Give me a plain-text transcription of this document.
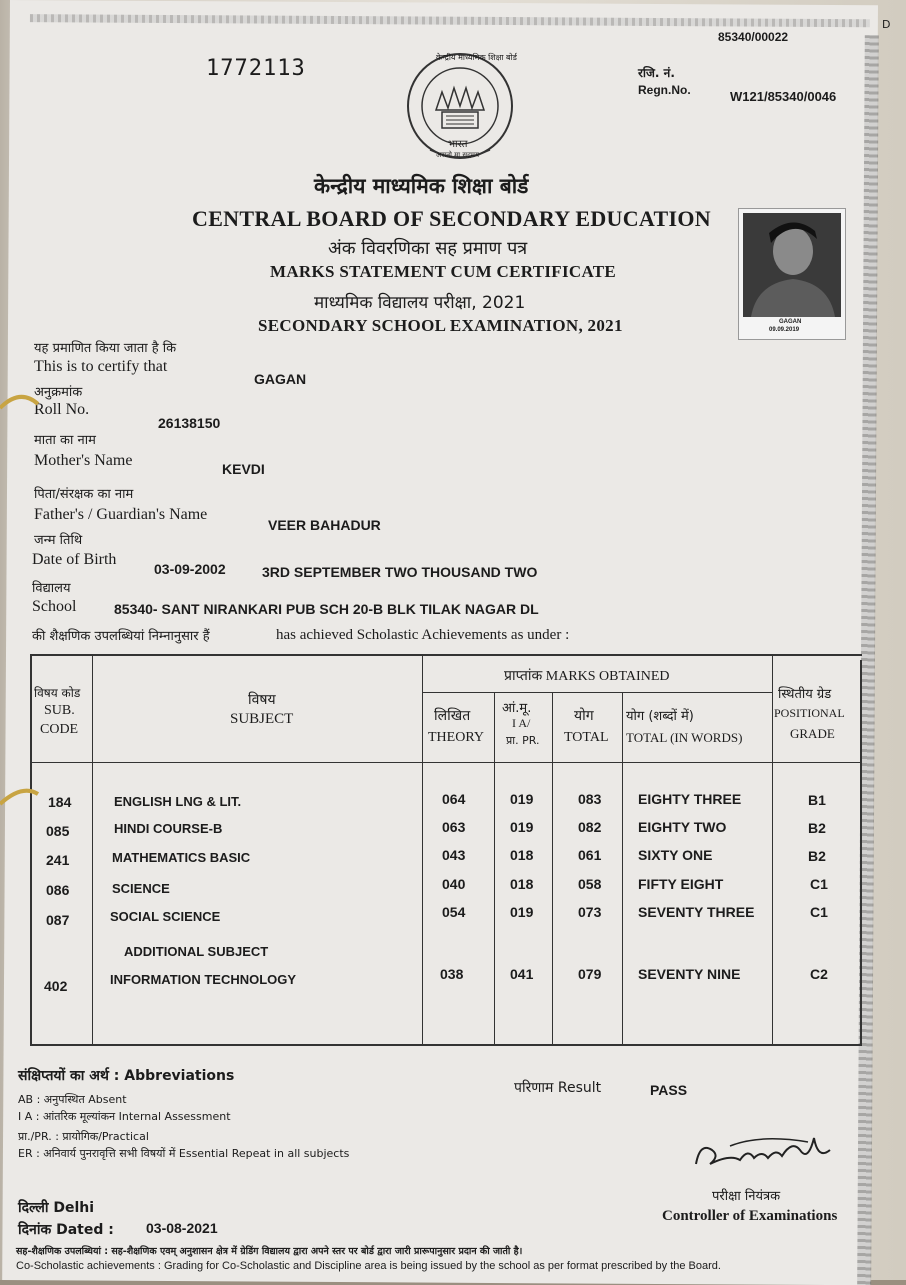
1772113
85340/00022
D
रजि. नं.
Regn.No.	W121/85340/0046
केन्द्रीय माध्यमिक शिक्षा बोर्ड
भारत
असतो मा सद्गमय
केन्द्रीय माध्यमिक शिक्षा बोर्ड
CENTRAL BOARD OF SECONDARY EDUCATION
अंक विवरणिका सह प्रमाण पत्र
MARKS STATEMENT CUM CERTIFICATE
माध्यमिक विद्यालय परीक्षा, 2021
SECONDARY SCHOOL EXAMINATION, 2021	GAGAN
09.09.2019
यह प्रमाणित किया जाता है कि
This is to certify that
GAGAN
अनुक्रमांक
Roll No.
26138150
माता का नाम
Mother's Name	KEVDI
पिता/संरक्षक का नाम
Father's / Guardian's Name
VEER BAHADUR
जन्म तिथि
Date of Birth
03-09-2002	3RD SEPTEMBER TWO THOUSAND TWO
विद्यालय
School	85340- SANT NIRANKARI PUB SCH 20-B BLK TILAK NAGAR DL
की शैक्षणिक उपलब्धियां निम्नानुसार हैं	has achieved Scholastic Achievements as under :
विषय कोड
SUB.
CODE
विषय
SUBJECT
प्राप्तांक MARKS OBTAINED
लिखित
THEORY
आं.मू.
I A/
प्रा. PR.
योग
TOTAL
योग (शब्दों में)
TOTAL (IN WORDS)
स्थितीय ग्रेड
POSITIONAL
GRADE
184	ENGLISH LNG & LIT.	064	019	083	EIGHTY THREE	B1
085	HINDI COURSE-B	063	019	082	EIGHTY TWO	B2
241	MATHEMATICS BASIC	043	018	061	SIXTY ONE	B2
086	SCIENCE	040	018	058	FIFTY EIGHT	C1
087	SOCIAL SCIENCE	054	019	073	SEVENTY THREE	C1
ADDITIONAL SUBJECT
402	INFORMATION TECHNOLOGY	038	041	079	SEVENTY NINE	C2
संक्षिप्तयों का अर्थ : Abbreviations
AB : अनुपस्थित Absent
I A : आंतरिक मूल्यांकन Internal Assessment
प्रा./PR. : प्रायोगिक/Practical
ER : अनिवार्य पुनरावृत्ति सभी विषयों में Essential Repeat in all subjects
परिणाम Result	PASS
दिल्ली Delhi
दिनांक Dated : 03-08-2021
परीक्षा नियंत्रक
Controller of Examinations
सह-शैक्षणिक उपलब्धियां : सह-शैक्षणिक एवम् अनुशासन क्षेत्र में ग्रेडिंग विद्यालय द्वारा अपने स्तर पर बोर्ड द्वारा जारी प्रारूपानुसार प्रदान की जाती है।
Co-Scholastic achievements : Grading for Co-Scholastic and Discipline area is being issued by the school as per format prescribed by the Board.
